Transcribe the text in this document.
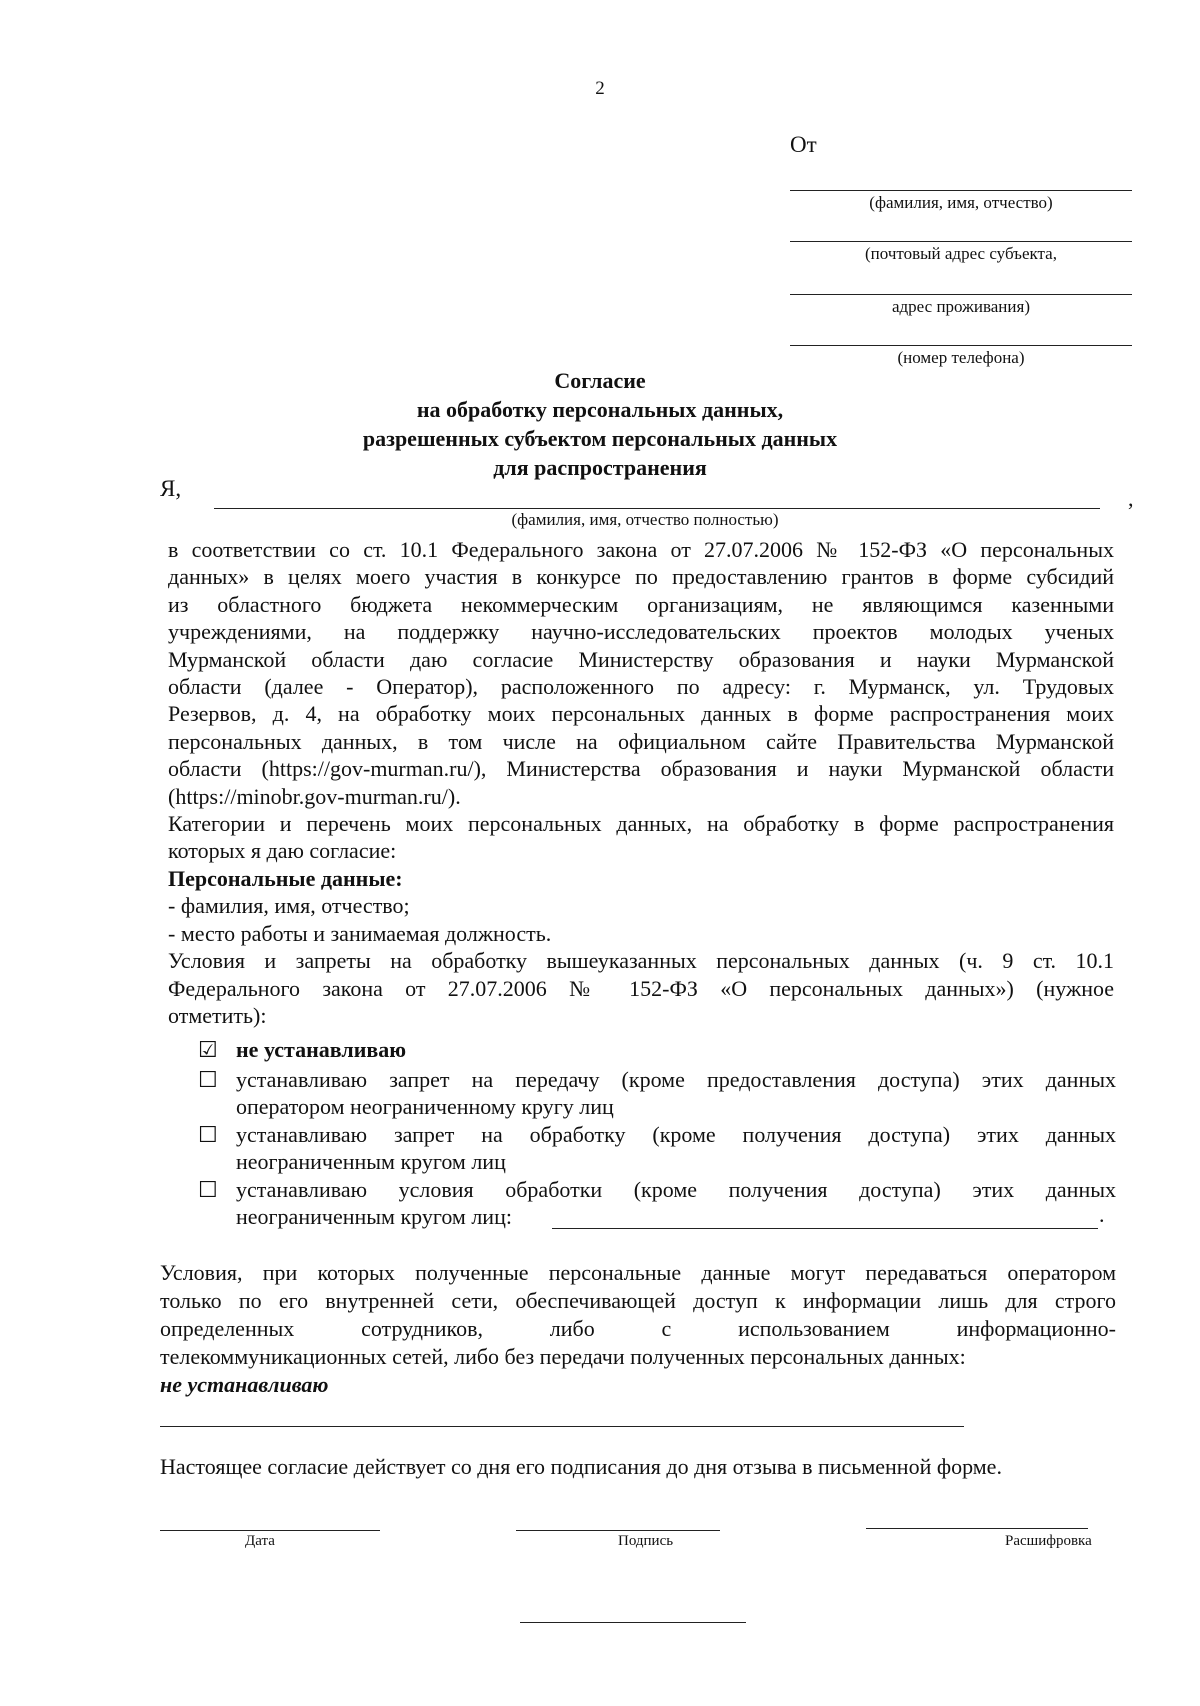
2
От
(фамилия, имя, отчество)
(почтовый адрес субъекта,
адрес проживания)
(номер телефона)
Согласие
на обработку персональных данных,
разрешенных субъектом персональных данных
для распространения
Я,	,
(фамилия, имя, отчество полностью)
в соответствии со ст. 10.1 Федерального закона от 27.07.2006 № 152-ФЗ «О персональных
данных» в целях моего участия в конкурсе по предоставлению грантов в форме субсидий
из областного бюджета некоммерческим организациям, не являющимся казенными
учреждениями, на поддержку научно-исследовательских проектов молодых ученых
Мурманской области даю согласие Министерству образования и науки Мурманской
области (далее - Оператор), расположенного по адресу: г. Мурманск, ул. Трудовых
Резервов, д. 4, на обработку моих персональных данных в форме распространения моих
персональных данных, в том числе на официальном сайте Правительства Мурманской
области (https://gov-murman.ru/), Министерства образования и науки Мурманской области
(https://minobr.gov-murman.ru/).
Категории и перечень моих персональных данных, на обработку в форме распространения
которых я даю согласие:
Персональные данные:
- фамилия, имя, отчество;
- место работы и занимаемая должность.
Условия и запреты на обработку вышеуказанных персональных данных (ч. 9 ст. 10.1
Федерального закона от 27.07.2006 № 152-ФЗ «О персональных данных») (нужное
отметить):
☑ не устанавливаю
☐ устанавливаю запрет на передачу (кроме предоставления доступа) этих данных
оператором неограниченному кругу лиц
☐ устанавливаю запрет на обработку (кроме получения доступа) этих данных
неограниченным кругом лиц
☐ устанавливаю условия обработки (кроме получения доступа) этих данных
неограниченным кругом лиц:	.
Условия, при которых полученные персональные данные могут передаваться оператором
только по его внутренней сети, обеспечивающей доступ к информации лишь для строго
определенных сотрудников, либо с использованием информационно-
телекоммуникационных сетей, либо без передачи полученных персональных данных:
не устанавливаю
Настоящее согласие действует со дня его подписания до дня отзыва в письменной форме.
Дата	Подпись	Расшифровка
